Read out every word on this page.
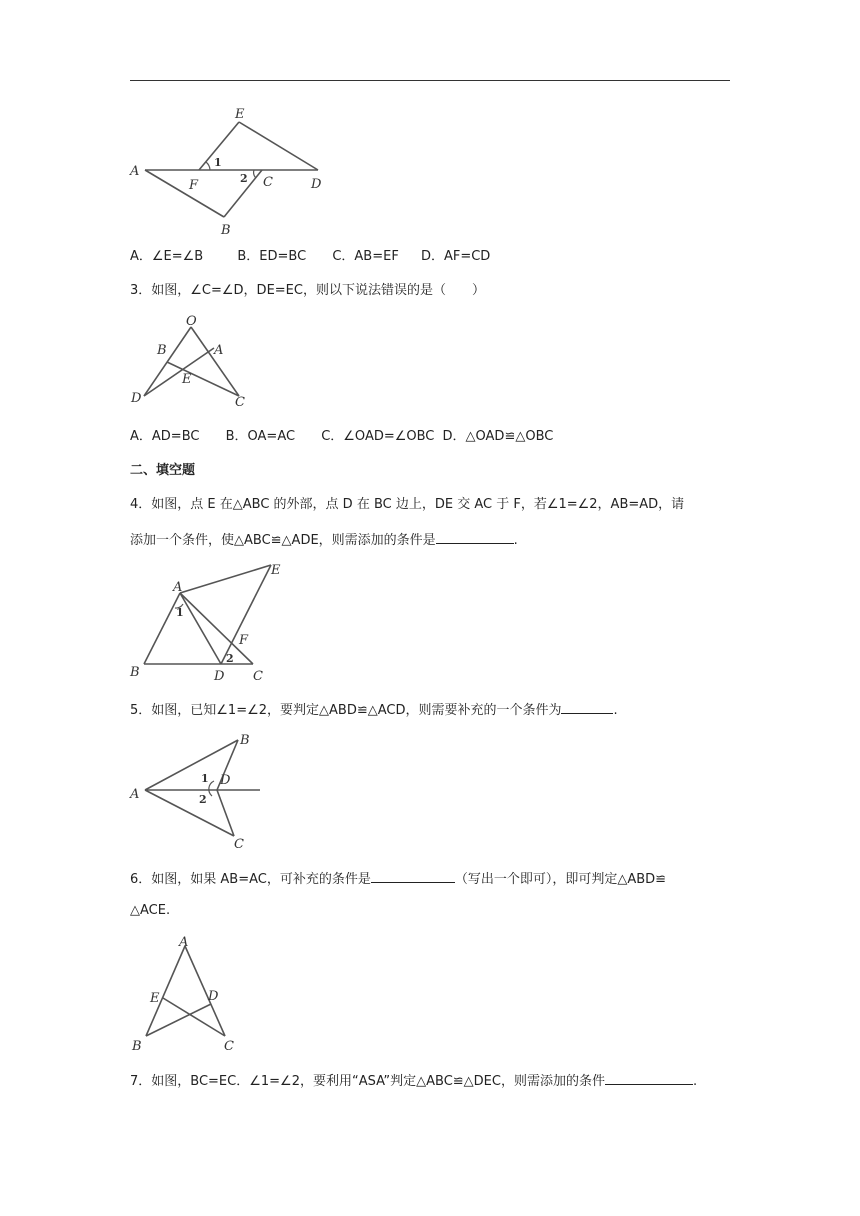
A
B
C	D
E
F
1
2
A．∠E=∠B	B．ED=BC C．AB=EF D．AF=CD
3．如图，∠C=∠D，DE=EC，则以下说法错误的是（　　）
O
B	A
E
D	C
A．AD=BC B．OA=AC C．∠OAD=∠OBC D．△OAD≌△OBC
二、填空题
4．如图，点 E 在△ABC 的外部，点 D 在 BC 边上，DE 交 AC 于 F，若∠1=∠2，AB=AD，请
添加一个条件，使△ABC≌△ADE，则需添加的条件是	.
A
B	D C
E
F
1
2
5．如图，已知∠1=∠2，要判定△ABD≌△ACD，则需要补充的一个条件为	.
A
B
C
D
1
2
6．如图，如果 AB=AC，可补充的条件是	（写出一个即可），即可判定△ABD≌
△ACE.
A
E	D
B	C
7．如图，BC=EC．∠1=∠2，要利用“ASA”判定△ABC≌△DEC，则需添加的条件	.
